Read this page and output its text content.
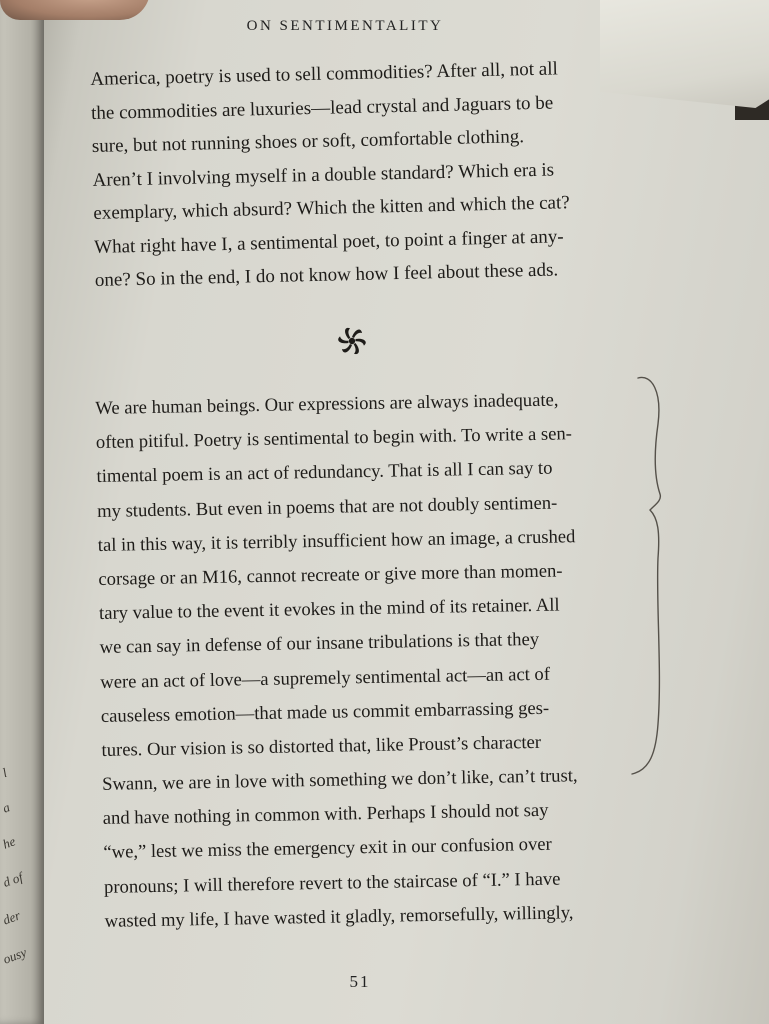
l
a
he
d of
der
ousy
ON SENTIMENTALITY
America, poetry is used to sell commodities? After all, not all
the commodities are luxuries—lead crystal and Jaguars to be
sure, but not running shoes or soft, comfortable clothing.
Aren’t I involving myself in a double standard? Which era is
exemplary, which absurd? Which the kitten and which the cat?
What right have I, a sentimental poet, to point a finger at any-
one? So in the end, I do not know how I feel about these ads.
We are human beings. Our expressions are always inadequate,
often pitiful. Poetry is sentimental to begin with. To write a sen-
timental poem is an act of redundancy. That is all I can say to
my students. But even in poems that are not doubly sentimen-
tal in this way, it is terribly insufficient how an image, a crushed
corsage or an M16, cannot recreate or give more than momen-
tary value to the event it evokes in the mind of its retainer. All
we can say in defense of our insane tribulations is that they
were an act of love—a supremely sentimental act—an act of
causeless emotion—that made us commit embarrassing ges-
tures. Our vision is so distorted that, like Proust’s character
Swann, we are in love with something we don’t like, can’t trust,
and have nothing in common with. Perhaps I should not say
“we,” lest we miss the emergency exit in our confusion over
pronouns; I will therefore revert to the staircase of “I.” I have
wasted my life, I have wasted it gladly, remorsefully, willingly,
51
